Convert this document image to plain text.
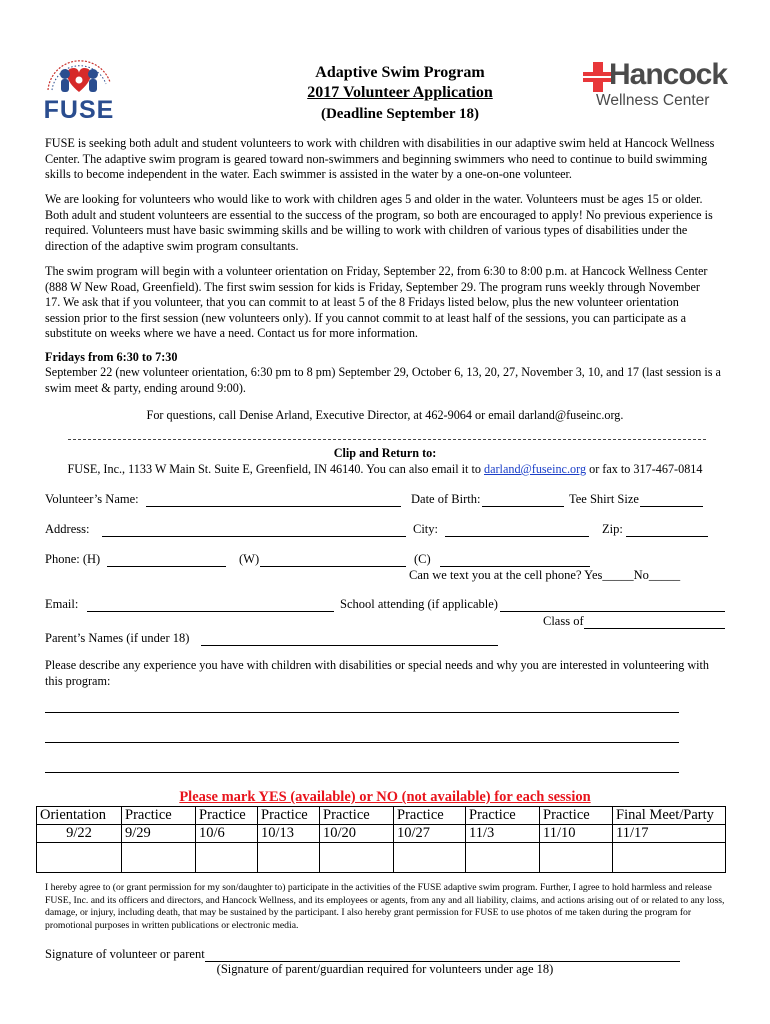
FUSE
Hancock
Wellness Center
Adaptive Swim Program
2017 Volunteer Application
(Deadline September 18)

FUSE is seeking both adult and student volunteers to work with children with disabilities in our adaptive swim held at Hancock Wellness Center. The adaptive swim program is geared toward non-swimmers and beginning swimmers who need to continue to build swimming skills to become independent in the water. Each swimmer is assisted in the water by a one-on-one volunteer.

We are looking for volunteers who would like to work with children ages 5 and older in the water. Volunteers must be ages 15 or older. Both adult and student volunteers are essential to the success of the program, so both are encouraged to apply! No previous experience is required. Volunteers must have basic swimming skills and be willing to work with children of various types of disabilities under the direction of the adaptive swim program consultants.

The swim program will begin with a volunteer orientation on Friday, September 22, from 6:30 to 8:00 p.m. at Hancock Wellness Center (888 W New Road, Greenfield). The first swim session for kids is Friday, September 29. The program runs weekly through November 17. We ask that if you volunteer, that you can commit to at least 5 of the 8 Fridays listed below, plus the new volunteer orientation session prior to the first session (new volunteers only). If you cannot commit to at least half of the sessions, you can participate as a substitute on weeks where we have a need. Contact us for more information.

Fridays from 6:30 to 7:30

September 22 (new volunteer orientation, 6:30 pm to 8 pm) September 29, October 6, 13, 20, 27, November 3, 10, and 17 (last session is a swim meet & party, ending around 9:00).

For questions, call Denise Arland, Executive Director, at 462-9064 or email darland@fuseinc.org.
Clip and Return to:
FUSE, Inc., 1133 W Main St. Suite E, Greenfield, IN 46140. You can also email it to darland@fuseinc.org or fax to 317-467-0814
Volunteer’s Name:	Date of Birth:	Tee Shirt Size
Address:	City:	Zip:
Phone: (H)	(W)	(C)
Can we text you at the cell phone? Yes_____No_____
Email:	School attending (if applicable)
Class of
Parent’s Names (if under 18)

Please describe any experience you have with children with disabilities or special needs and why you are interested in volunteering with this program:

Please mark YES (available) or NO (not available) for each session
Orientation	Practice	Practice	Practice	Practice	Practice	Practice	Practice	Final Meet/Party
9/22	9/29	10/6	10/13	10/20	10/27	11/3	11/10	11/17

I hereby agree to (or grant permission for my son/daughter to) participate in the activities of the FUSE adaptive swim program. Further, I agree to hold harmless and release FUSE, Inc. and its officers and directors, and Hancock Wellness, and its employees or agents, from any and all liability, claims, and actions arising out of or related to any loss, damage, or injury, including death, that may be sustained by the participant. I also hereby grant permission for FUSE to use photos of me taken during the program for promotional purposes in written publications or electronic media.

Signature of volunteer or parent
(Signature of parent/guardian required for volunteers under age 18)
